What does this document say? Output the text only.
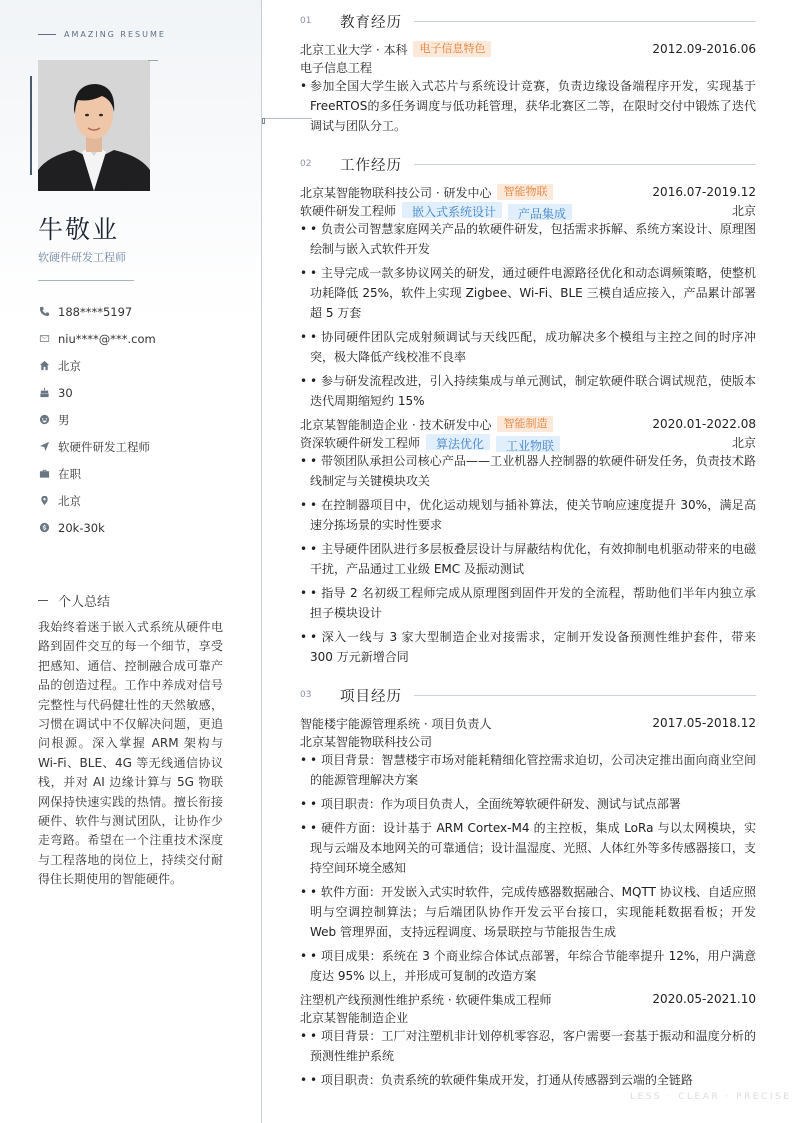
AMAZING RESUME
牛敬业
软硬件研发工程师
188****5197
niu****@***.com
北京
30
男
软硬件研发工程师
在职
北京
20k-30k
个人总结
我始终着迷于嵌入式系统从硬件电路到固件交互的每一个细节，享受把感知、通信、控制融合成可靠产品的创造过程。工作中养成对信号完整性与代码健壮性的天然敏感，习惯在调试中不仅解决问题，更追问根源。深入掌握 ARM 架构与 Wi-Fi、BLE、4G 等无线通信协议栈，并对 AI 边缘计算与 5G 物联网保持快速实践的热情。擅长衔接硬件、软件与测试团队，让协作少走弯路。希望在一个注重技术深度与工程落地的岗位上，持续交付耐得住长期使用的智能硬件。
01	教育经历
北京工业大学 · 本科	电子信息特色	2012.09-2016.06
电子信息工程
• 参加全国大学生嵌入式芯片与系统设计竞赛，负责边缘设备端程序开发，实现基于 FreeRTOS的多任务调度与低功耗管理，获华北赛区二等，在限时交付中锻炼了迭代调试与团队分工。
02	工作经历
北京某智能物联科技公司 · 研发中心	智能物联	2016.07-2019.12
软硬件研发工程师	嵌入式系统设计	产品集成	北京
• • 负责公司智慧家庭网关产品的软硬件研发，包括需求拆解、系统方案设计、原理图绘制与嵌入式软件开发
• • 主导完成一款多协议网关的研发，通过硬件电源路径优化和动态调频策略，使整机功耗降低 25%，软件上实现 Zigbee、Wi-Fi、BLE 三模自适应接入，产品累计部署超 5 万套
• • 协同硬件团队完成射频调试与天线匹配，成功解决多个模组与主控之间的时序冲突，极大降低产线校准不良率
• • 参与研发流程改进，引入持续集成与单元测试，制定软硬件联合调试规范，使版本迭代周期缩短约 15%
北京某智能制造企业 · 技术研发中心	智能制造	2020.01-2022.08
资深软硬件研发工程师	算法优化	工业物联	北京
• • 带领团队承担公司核心产品——工业机器人控制器的软硬件研发任务，负责技术路线制定与关键模块攻关
• • 在控制器项目中，优化运动规划与插补算法，使关节响应速度提升 30%，满足高速分拣场景的实时性要求
• • 主导硬件团队进行多层板叠层设计与屏蔽结构优化，有效抑制电机驱动带来的电磁干扰，产品通过工业级 EMC 及振动测试
• • 指导 2 名初级工程师完成从原理图到固件开发的全流程，帮助他们半年内独立承担子模块设计
• • 深入一线与 3 家大型制造企业对接需求，定制开发设备预测性维护套件，带来 300 万元新增合同
03	项目经历
智能楼宇能源管理系统 · 项目负责人	2017.05-2018.12
北京某智能物联科技公司
• • 项目背景：智慧楼宇市场对能耗精细化管控需求迫切，公司决定推出面向商业空间的能源管理解决方案
• • 项目职责：作为项目负责人，全面统筹软硬件研发、测试与试点部署
• • 硬件方面：设计基于 ARM Cortex-M4 的主控板，集成 LoRa 与以太网模块，实现与云端及本地网关的可靠通信；设计温湿度、光照、人体红外等多传感器接口，支持空间环境全感知
• • 软件方面：开发嵌入式实时软件，完成传感器数据融合、MQTT 协议栈、自适应照明与空调控制算法；与后端团队协作开发云平台接口，实现能耗数据看板；开发 Web 管理界面，支持远程调度、场景联控与节能报告生成
• • 项目成果：系统在 3 个商业综合体试点部署，年综合节能率提升 12%，用户满意度达 95% 以上，并形成可复制的改造方案
注塑机产线预测性维护系统 · 软硬件集成工程师	2020.05-2021.10
北京某智能制造企业
• • 项目背景：工厂对注塑机非计划停机零容忍，客户需要一套基于振动和温度分析的预测性维护系统
• • 项目职责：负责系统的软硬件集成开发，打通从传感器到云端的全链路
LESS · CLEAR · PRECISE
